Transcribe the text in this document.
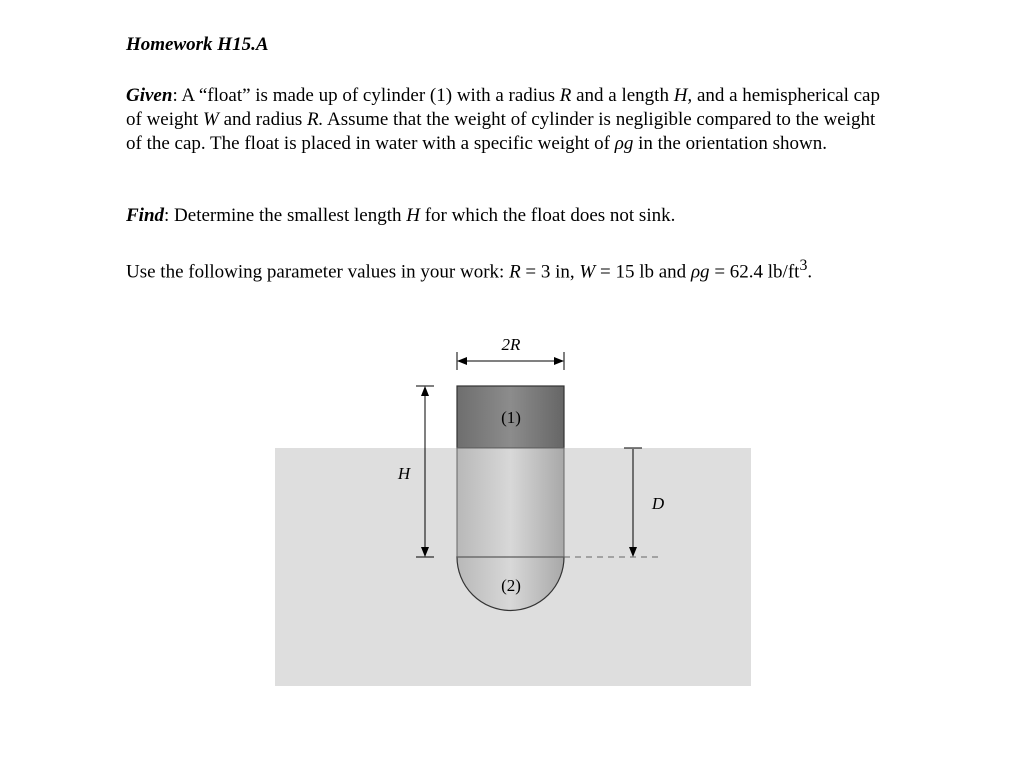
Homework H15.A
Given: A “float” is made up of cylinder (1) with a radius R and a length H, and a hemispherical cap of weight W and radius R. Assume that the weight of cylinder is negligible compared to the weight of the cap. The float is placed in water with a specific weight of ρg in the orientation shown.
Find: Determine the smallest length H for which the float does not sink.
Use the following parameter values in your work: R = 3 in, W = 15 lb and ρg = 62.4 $lb/ft^3$.
2R
H
D
(1)
(2)
